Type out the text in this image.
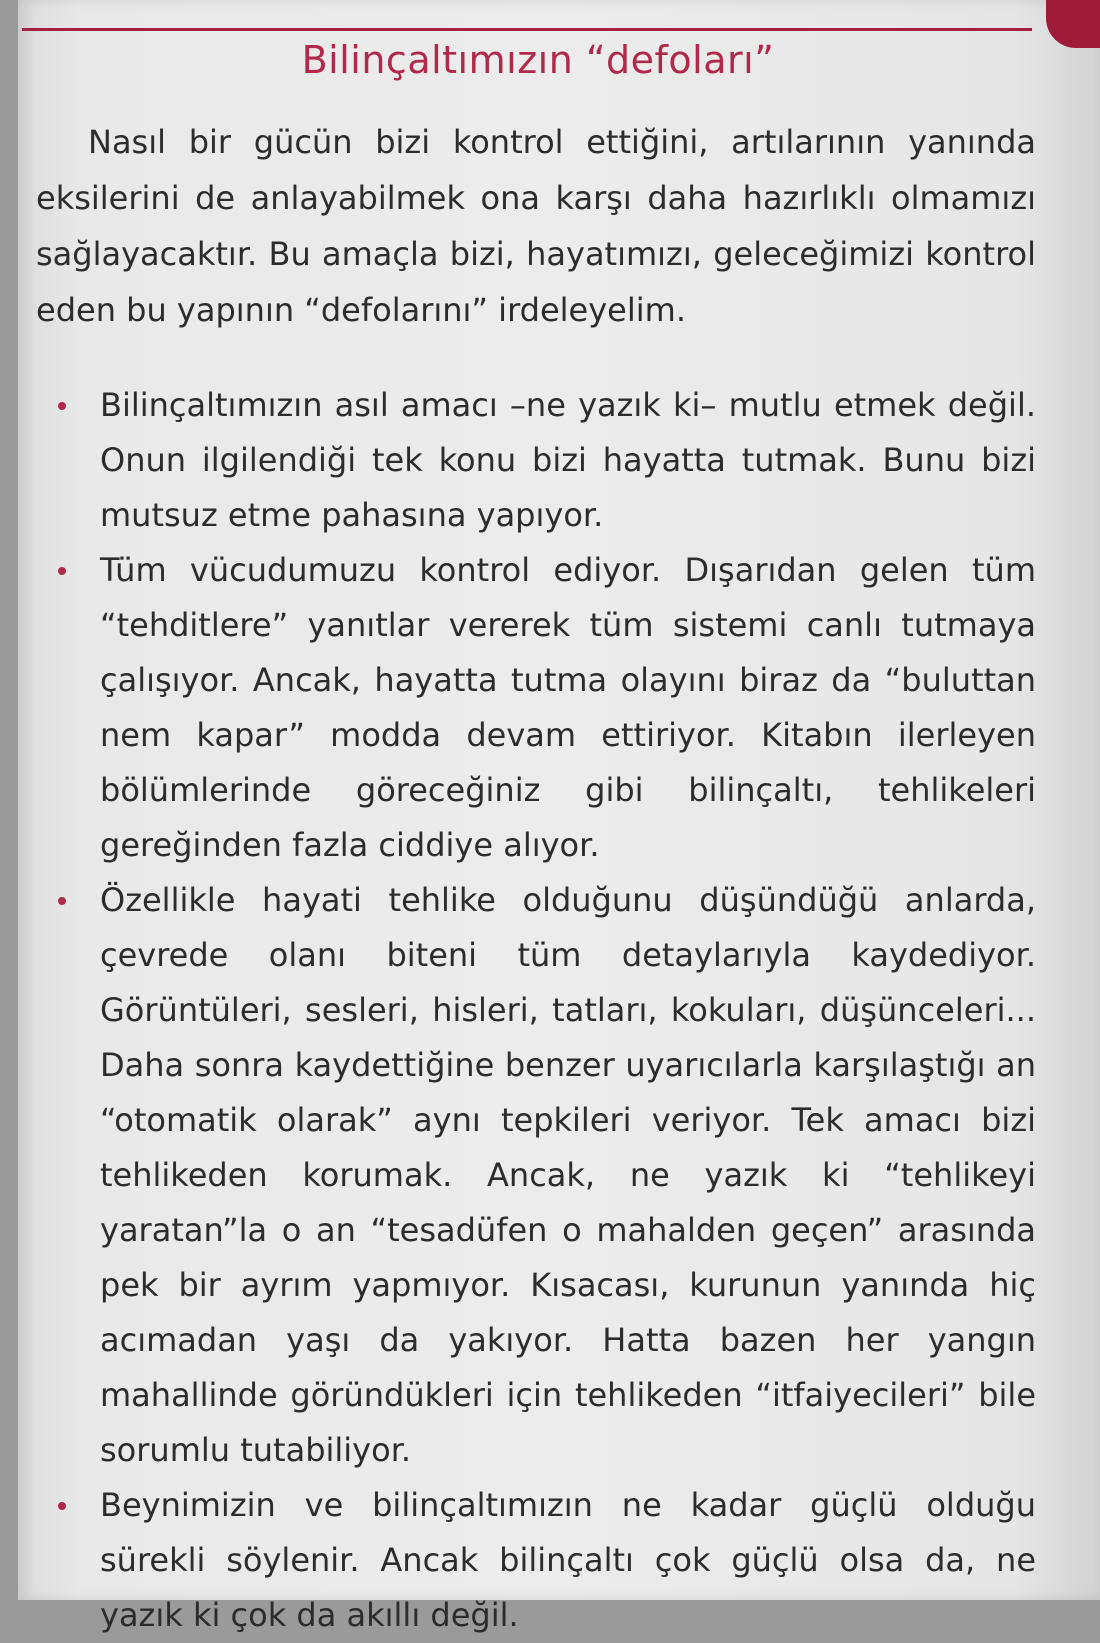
Bilinçaltımızın “defoları”

Nasıl bir gücün bizi kontrol ettiğini, artılarının yanında eksilerini de anlayabilmek ona karşı daha hazırlıklı olmamızı sağlayacaktır. Bu amaçla bizi, hayatımızı, geleceğimizi kontrol eden bu yapının “defolarını” irdeleyelim.

Bilinçaltımızın asıl amacı –ne yazık ki– mutlu etmek değil. Onun ilgilendiği tek konu bizi hayatta tutmak. Bunu bizi mutsuz etme pahasına yapıyor.
Tüm vücudumuzu kontrol ediyor. Dışarıdan gelen tüm “tehditlere” yanıtlar vererek tüm sistemi canlı tutmaya çalışıyor. Ancak, hayatta tutma olayını biraz da “buluttan nem kapar” modda devam ettiriyor. Kitabın ilerleyen bölümlerinde göreceğiniz gibi bilinçaltı, tehlikeleri gereğinden fazla ciddiye alıyor.
Özellikle hayati tehlike olduğunu düşündüğü anlarda, çevrede olanı biteni tüm detaylarıyla kaydediyor. Görüntüleri, sesleri, hisleri, tatları, kokuları, düşünceleri... Daha sonra kaydettiğine benzer uyarıcılarla karşılaştığı an “otomatik olarak” aynı tepkileri veriyor. Tek amacı bizi tehlikeden korumak. Ancak, ne yazık ki “tehlikeyi yaratan”la o an “tesadüfen o mahalden geçen” arasında pek bir ayrım yapmıyor. Kısacası, kurunun yanında hiç acımadan yaşı da yakıyor. Hatta bazen her yangın mahallinde göründükleri için tehlikeden “itfaiyecileri” bile sorumlu tutabiliyor.
Beynimizin ve bilinçaltımızın ne kadar güçlü olduğu sürekli söylenir. Ancak bilinçaltı çok güçlü olsa da, ne yazık ki çok da akıllı değil.
